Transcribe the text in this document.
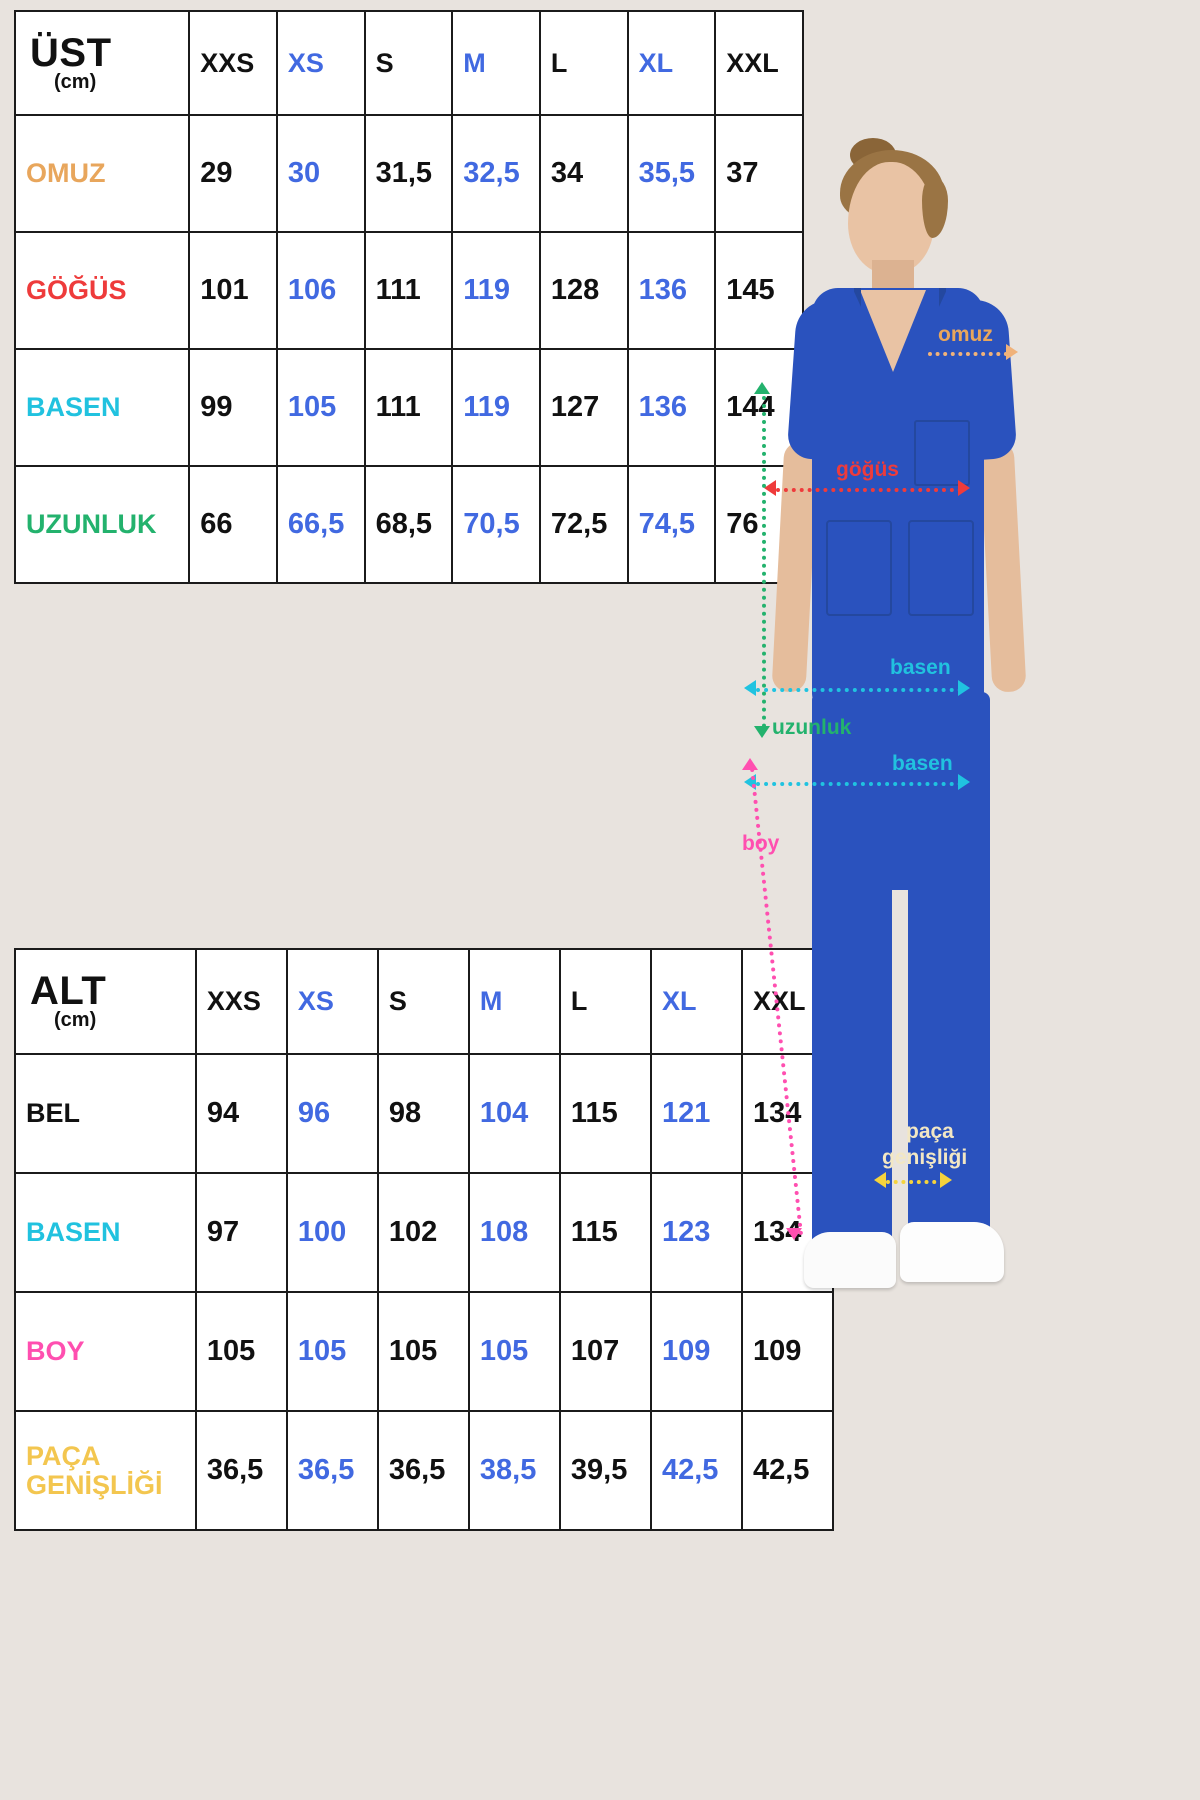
ÜST
(cm)	XXS	XS	S	M	L	XL	XXL
OMUZ	29	30	31,5	32,5	34	35,5	37
GÖĞÜS	101	106	111	119	128	136	145
BASEN	99	105	111	119	127	136	144
UZUNLUK	66	66,5	68,5	70,5	72,5	74,5	76
ALT
(cm)	XXS	XS	S	M	L	XL	XXL
BEL	94	96	98	104	115	121	134
BASEN	97	100	102	108	115	123	134
BOY	105	105	105	105	107	109	109
PAÇA GENİŞLİĞİ	36,5	36,5	36,5	38,5	39,5	42,5	42,5
omuz
göğüs
basen
uzunluk
basen
boy
paça
genişliği
